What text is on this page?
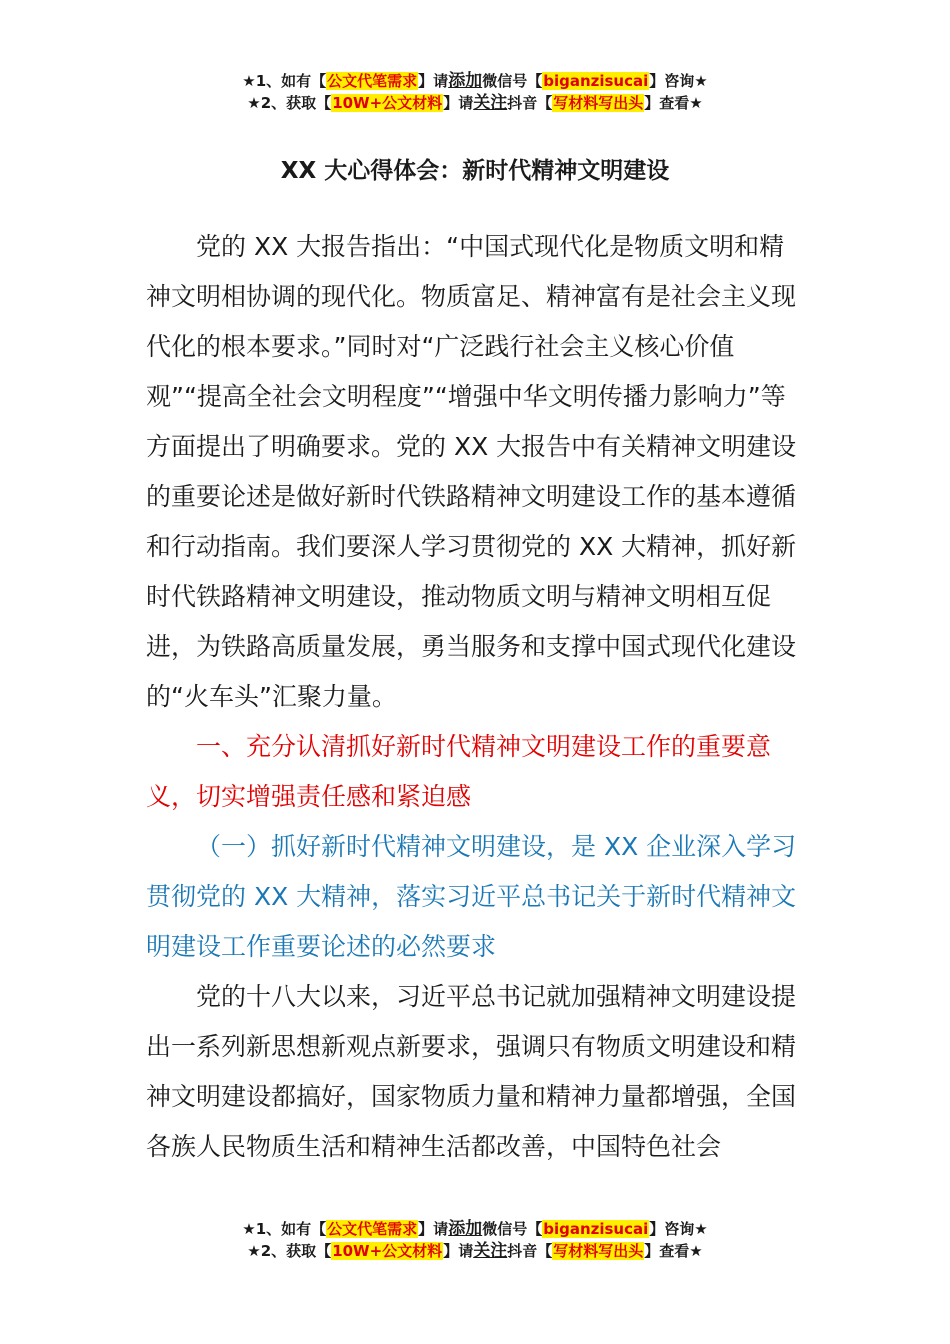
★1、如有【公文代笔需求】请添加微信号【biganzisucai】咨询★
★2、获取【10W+公文材料】请关注抖音【写材料写出头】查看★
XX 大心得体会：新时代精神文明建设

党的 XX 大报告指出：“中国式现代化是物质文明和精神文明相协调的现代化。物质富足、精神富有是社会主义现代化的根本要求。”同时对“广泛践行社会主义核心价值观”“提高全社会文明程度”“增强中华文明传播力影响力”等方面提出了明确要求。党的 XX 大报告中有关精神文明建设的重要论述是做好新时代铁路精神文明建设工作的基本遵循和行动指南。我们要深人学习贯彻党的 XX 大精神，抓好新时代铁路精神文明建设，推动物质文明与精神文明相互促进，为铁路高质量发展，勇当服务和支撑中国式现代化建设的“火车头”汇聚力量。

一、充分认清抓好新时代精神文明建设工作的重要意义，切实增强责任感和紧迫感

（一）抓好新时代精神文明建设，是 XX 企业深入学习贯彻党的 XX 大精神，落实习近平总书记关于新时代精神文明建设工作重要论述的必然要求

党的十八大以来，习近平总书记就加强精神文明建设提出一系列新思想新观点新要求，强调只有物质文明建设和精神文明建设都搞好，国家物质力量和精神力量都增强，全国各族人民物质生活和精神生活都改善，中国特色社会

★1、如有【公文代笔需求】请添加微信号【biganzisucai】咨询★
★2、获取【10W+公文材料】请关注抖音【写材料写出头】查看★
